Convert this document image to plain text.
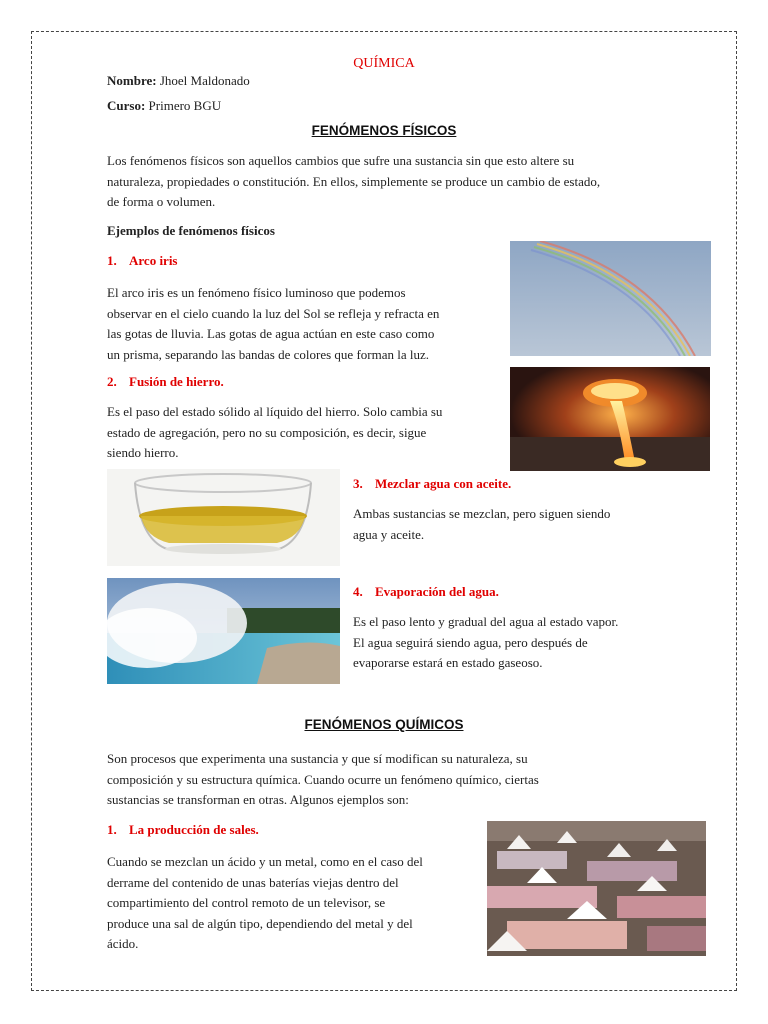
QUÍMICA
Nombre: Jhoel Maldonado
Curso: Primero BGU
FENÓMENOS FÍSICOS
Los fenómenos físicos son aquellos cambios que sufre una sustancia sin que esto altere su
naturaleza, propiedades o constitución. En ellos, simplemente se produce un cambio de estado,
de forma o volumen.
Ejemplos de fenómenos físicos
1. Arco iris
El arco iris es un fenómeno físico luminoso que podemos
observar en el cielo cuando la luz del Sol se refleja y refracta en
las gotas de lluvia. Las gotas de agua actúan en este caso como
un prisma, separando las bandas de colores que forman la luz.
2. Fusión de hierro.
Es el paso del estado sólido al líquido del hierro. Solo cambia su
estado de agregación, pero no su composición, es decir, sigue
siendo hierro.
3. Mezclar agua con aceite.
Ambas sustancias se mezclan, pero siguen siendo
agua y aceite.
4. Evaporación del agua.
Es el paso lento y gradual del agua al estado vapor.
El agua seguirá siendo agua, pero después de
evaporarse estará en estado gaseoso.
FENÓMENOS QUÍMICOS
Son procesos que experimenta una sustancia y que sí modifican su naturaleza, su
composición y su estructura química. Cuando ocurre un fenómeno químico, ciertas
sustancias se transforman en otras. Algunos ejemplos son:
1. La producción de sales.
Cuando se mezclan un ácido y un metal, como en el caso del
derrame del contenido de unas baterías viejas dentro del
compartimiento del control remoto de un televisor, se
produce una sal de algún tipo, dependiendo del metal y del
ácido.
